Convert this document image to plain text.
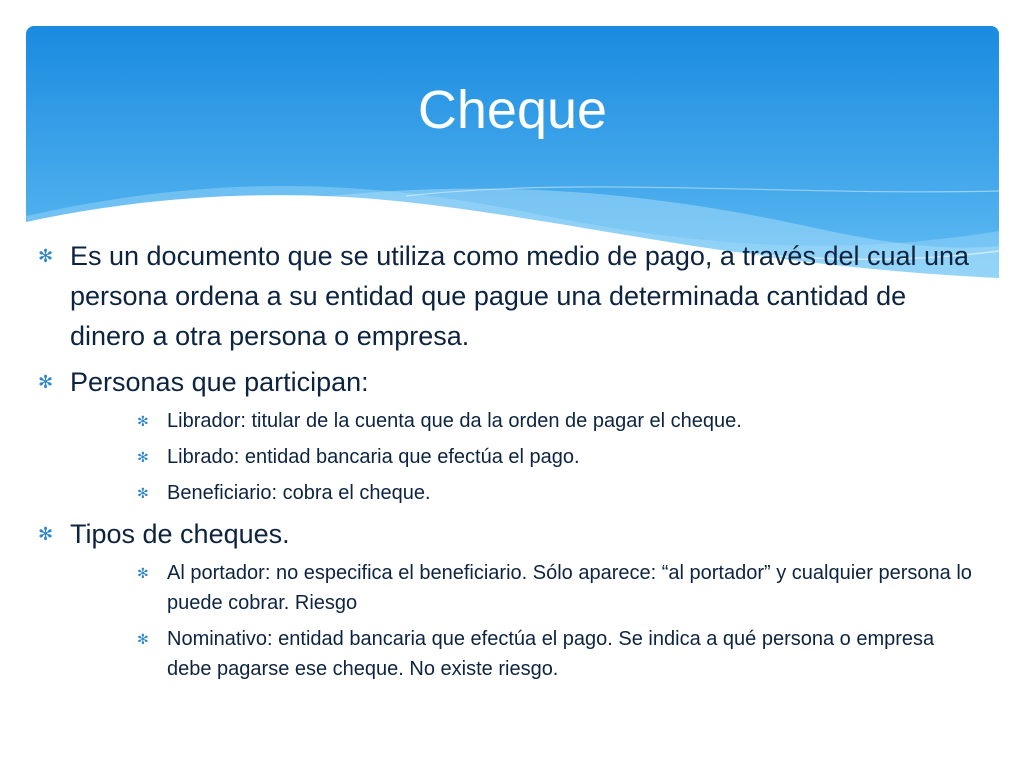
Cheque

✻ Es un documento que se utiliza como medio de pago, a través del cual una persona ordena a su entidad que pague una determinada cantidad de dinero a otra persona o empresa.

✻ Personas que participan:

✻ Librador: titular de la cuenta que da la orden de pagar el cheque.

✻ Librado: entidad bancaria que efectúa el pago.

✻ Beneficiario: cobra el cheque.

✻ Tipos de cheques.

✻ Al portador: no especifica el beneficiario. Sólo aparece: “al portador” y cualquier persona lo puede cobrar. Riesgo

✻ Nominativo: entidad bancaria que efectúa el pago. Se indica a qué persona o empresa debe pagarse ese cheque. No existe riesgo.
